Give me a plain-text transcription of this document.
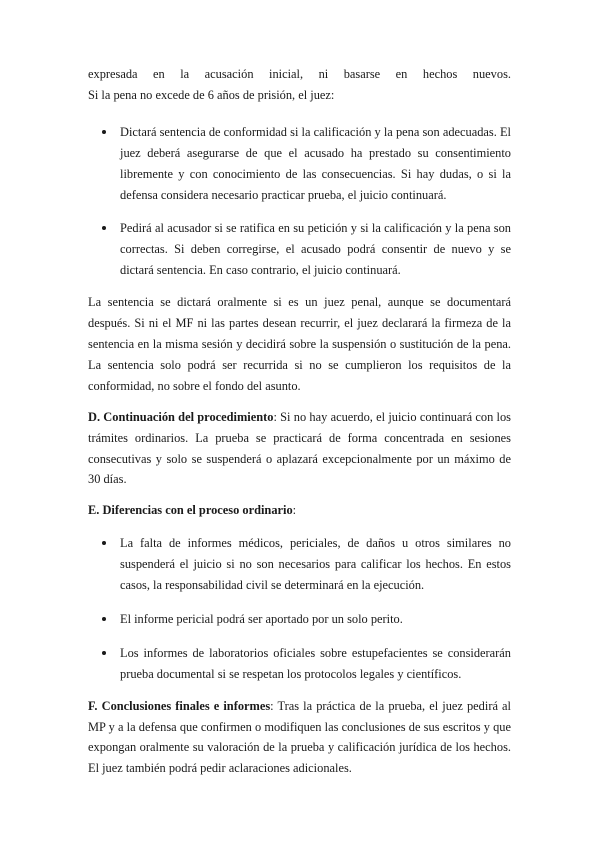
expresada en la acusación inicial, ni basarse en hechos nuevos.

Si la pena no excede de 6 años de prisión, el juez:

Dictará sentencia de conformidad si la calificación y la pena son adecuadas. El juez deberá asegurarse de que el acusado ha prestado su consentimiento libremente y con conocimiento de las consecuencias. Si hay dudas, o si la defensa considera necesario practicar prueba, el juicio continuará.
Pedirá al acusador si se ratifica en su petición y si la calificación y la pena son correctas. Si deben corregirse, el acusado podrá consentir de nuevo y se dictará sentencia. En caso contrario, el juicio continuará.

La sentencia se dictará oralmente si es un juez penal, aunque se documentará después. Si ni el MF ni las partes desean recurrir, el juez declarará la firmeza de la sentencia en la misma sesión y decidirá sobre la suspensión o sustitución de la pena. La sentencia solo podrá ser recurrida si no se cumplieron los requisitos de la conformidad, no sobre el fondo del asunto.

D. Continuación del procedimiento: Si no hay acuerdo, el juicio continuará con los trámites ordinarios. La prueba se practicará de forma concentrada en sesiones consecutivas y solo se suspenderá o aplazará excepcionalmente por un máximo de 30 días.

E. Diferencias con el proceso ordinario:

La falta de informes médicos, periciales, de daños u otros similares no suspenderá el juicio si no son necesarios para calificar los hechos. En estos casos, la responsabilidad civil se determinará en la ejecución.
El informe pericial podrá ser aportado por un solo perito.
Los informes de laboratorios oficiales sobre estupefacientes se considerarán prueba documental si se respetan los protocolos legales y científicos.

F. Conclusiones finales e informes: Tras la práctica de la prueba, el juez pedirá al MP y a la defensa que confirmen o modifiquen las conclusiones de sus escritos y que expongan oralmente su valoración de la prueba y calificación jurídica de los hechos. El juez también podrá pedir aclaraciones adicionales.
